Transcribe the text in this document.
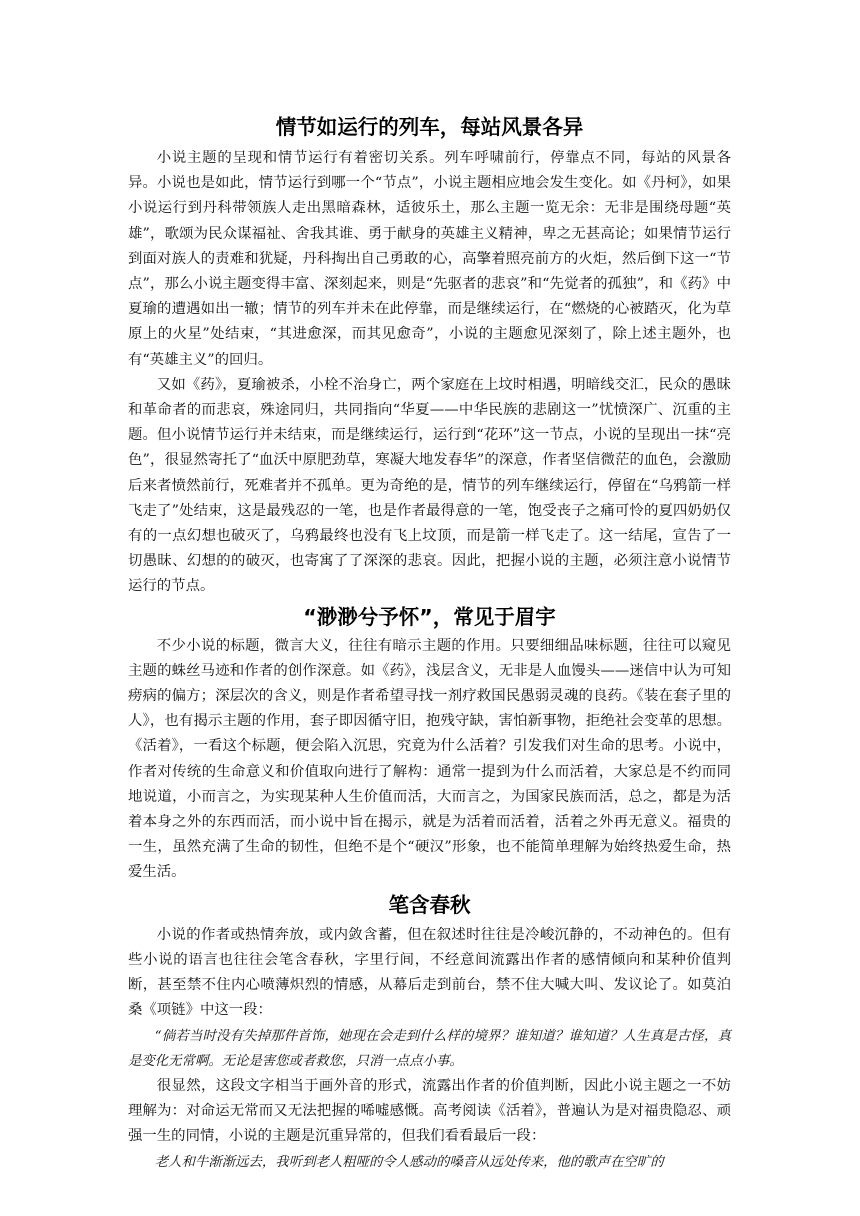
情节如运行的列车，每站风景各异

小说主题的呈现和情节运行有着密切关系。列车呼啸前行，停靠点不同，每站的风景各异。小说也是如此，情节运行到哪一个“节点”，小说主题相应地会发生变化。如《丹柯》，如果小说运行到丹科带领族人走出黑暗森林，适彼乐土，那么主题一览无余：无非是围绕母题“英雄”，歌颂为民众谋福祉、舍我其谁、勇于献身的英雄主义精神，卑之无甚高论；如果情节运行到面对族人的责难和犹疑，丹科掏出自己勇敢的心，高擎着照亮前方的火炬，然后倒下这一“节点”，那么小说主题变得丰富、深刻起来，则是“先驱者的悲哀”和“先觉者的孤独”，和《药》中夏瑜的遭遇如出一辙；情节的列车并未在此停靠，而是继续运行，在“燃烧的心被踏灭，化为草原上的火星”处结束，“其进愈深，而其见愈奇”，小说的主题愈见深刻了，除上述主题外，也有“英雄主义”的回归。

又如《药》，夏瑜被杀，小栓不治身亡，两个家庭在上坟时相遇，明暗线交汇，民众的愚昧和革命者的而悲哀，殊途同归，共同指向“华夏——中华民族的悲剧这一”忧愤深广、沉重的主题。但小说情节运行并未结束，而是继续运行，运行到“花环”这一节点，小说的呈现出一抹“亮色”，很显然寄托了“血沃中原肥劲草，寒凝大地发春华”的深意，作者坚信微茫的血色，会激励后来者愤然前行，死难者并不孤单。更为奇绝的是，情节的列车继续运行，停留在“乌鸦箭一样飞走了”处结束，这是最残忍的一笔，也是作者最得意的一笔，饱受丧子之痛可怜的夏四奶奶仅有的一点幻想也破灭了，乌鸦最终也没有飞上坟顶，而是箭一样飞走了。这一结尾，宣告了一切愚昧、幻想的的破灭，也寄寓了了深深的悲哀。因此，把握小说的主题，必须注意小说情节运行的节点。

“渺渺兮予怀”，常见于眉宇

不少小说的标题，微言大义，往往有暗示主题的作用。只要细细品味标题，往往可以窥见主题的蛛丝马迹和作者的创作深意。如《药》，浅层含义，无非是人血馒头——迷信中认为可知痨病的偏方；深层次的含义，则是作者希望寻找一剂疗救国民愚弱灵魂的良药。《装在套子里的人》，也有揭示主题的作用，套子即因循守旧，抱残守缺，害怕新事物，拒绝社会变革的思想。《活着》，一看这个标题，便会陷入沉思，究竟为什么活着？引发我们对生命的思考。小说中，作者对传统的生命意义和价值取向进行了解构：通常一提到为什么而活着，大家总是不约而同地说道，小而言之，为实现某种人生价值而活，大而言之，为国家民族而活，总之，都是为活着本身之外的东西而活，而小说中旨在揭示，就是为活着而活着，活着之外再无意义。福贵的一生，虽然充满了生命的韧性，但绝不是个“硬汉”形象，也不能简单理解为始终热爱生命，热爱生活。

笔含春秋

小说的作者或热情奔放，或内敛含蓄，但在叙述时往往是冷峻沉静的，不动神色的。但有些小说的语言也往往会笔含春秋，字里行间，不经意间流露出作者的感情倾向和某种价值判断，甚至禁不住内心喷薄炽烈的情感，从幕后走到前台，禁不住大喊大叫、发议论了。如莫泊桑《项链》中这一段：

“倘若当时没有失掉那件首饰，她现在会走到什么样的境界？谁知道？谁知道？人生真是古怪，真是变化无常啊。无论是害您或者救您，只消一点点小事。

很显然，这段文字相当于画外音的形式，流露出作者的价值判断，因此小说主题之一不妨理解为：对命运无常而又无法把握的唏嘘感慨。高考阅读《活着》，普遍认为是对福贵隐忍、顽强一生的同情，小说的主题是沉重异常的，但我们看看最后一段：

老人和牛渐渐远去，我听到老人粗哑的令人感动的嗓音从远处传来，他的歌声在空旷的
